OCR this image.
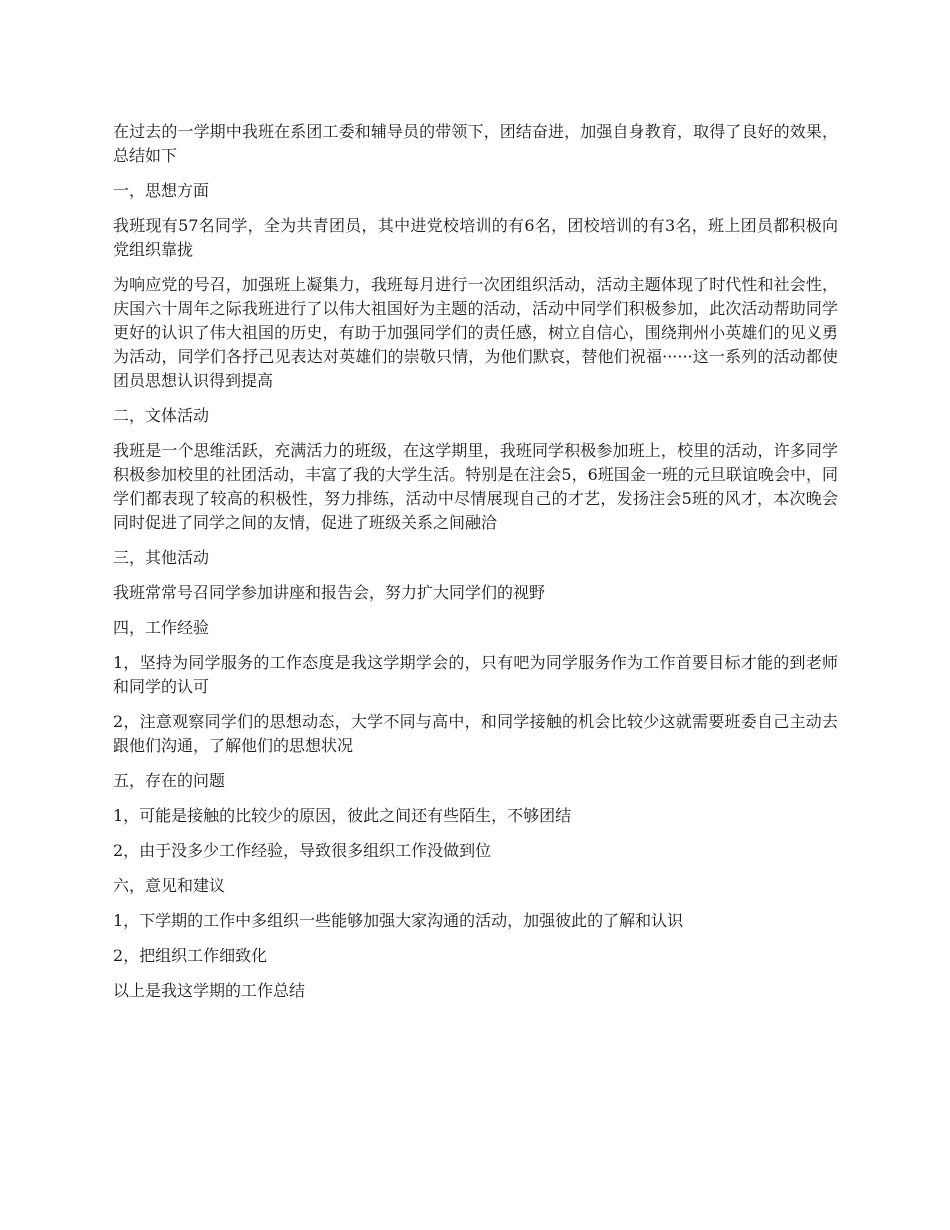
在过去的一学期中我班在系团工委和辅导员的带领下，团结奋进，加强自身教育，取得了良好的效果，总结如下

一，思想方面

我班现有57名同学，全为共青团员，其中进党校培训的有6名，团校培训的有3名，班上团员都积极向党组织靠拢

为响应党的号召，加强班上凝集力，我班每月进行一次团组织活动，活动主题体现了时代性和社会性，庆国六十周年之际我班进行了以伟大祖国好为主题的活动，活动中同学们积极参加，此次活动帮助同学更好的认识了伟大祖国的历史，有助于加强同学们的责任感，树立自信心，围绕荆州小英雄们的见义勇为活动，同学们各抒己见表达对英雄们的崇敬只情，为他们默哀，替他们祝福······这一系列的活动都使团员思想认识得到提高

二，文体活动

我班是一个思维活跃，充满活力的班级，在这学期里，我班同学积极参加班上，校里的活动，许多同学积极参加校里的社团活动，丰富了我的大学生活。特别是在注会5，6班国金一班的元旦联谊晚会中，同学们都表现了较高的积极性，努力排练，活动中尽情展现自己的才艺，发扬注会5班的风才，本次晚会同时促进了同学之间的友情，促进了班级关系之间融洽

三，其他活动

我班常常号召同学参加讲座和报告会，努力扩大同学们的视野

四，工作经验

1，坚持为同学服务的工作态度是我这学期学会的，只有吧为同学服务作为工作首要目标才能的到老师和同学的认可

2，注意观察同学们的思想动态，大学不同与高中，和同学接触的机会比较少这就需要班委自己主动去跟他们沟通，了解他们的思想状况

五，存在的问题

1，可能是接触的比较少的原因，彼此之间还有些陌生，不够团结

2，由于没多少工作经验，导致很多组织工作没做到位

六，意见和建议

1，下学期的工作中多组织一些能够加强大家沟通的活动，加强彼此的了解和认识

2，把组织工作细致化

以上是我这学期的工作总结
